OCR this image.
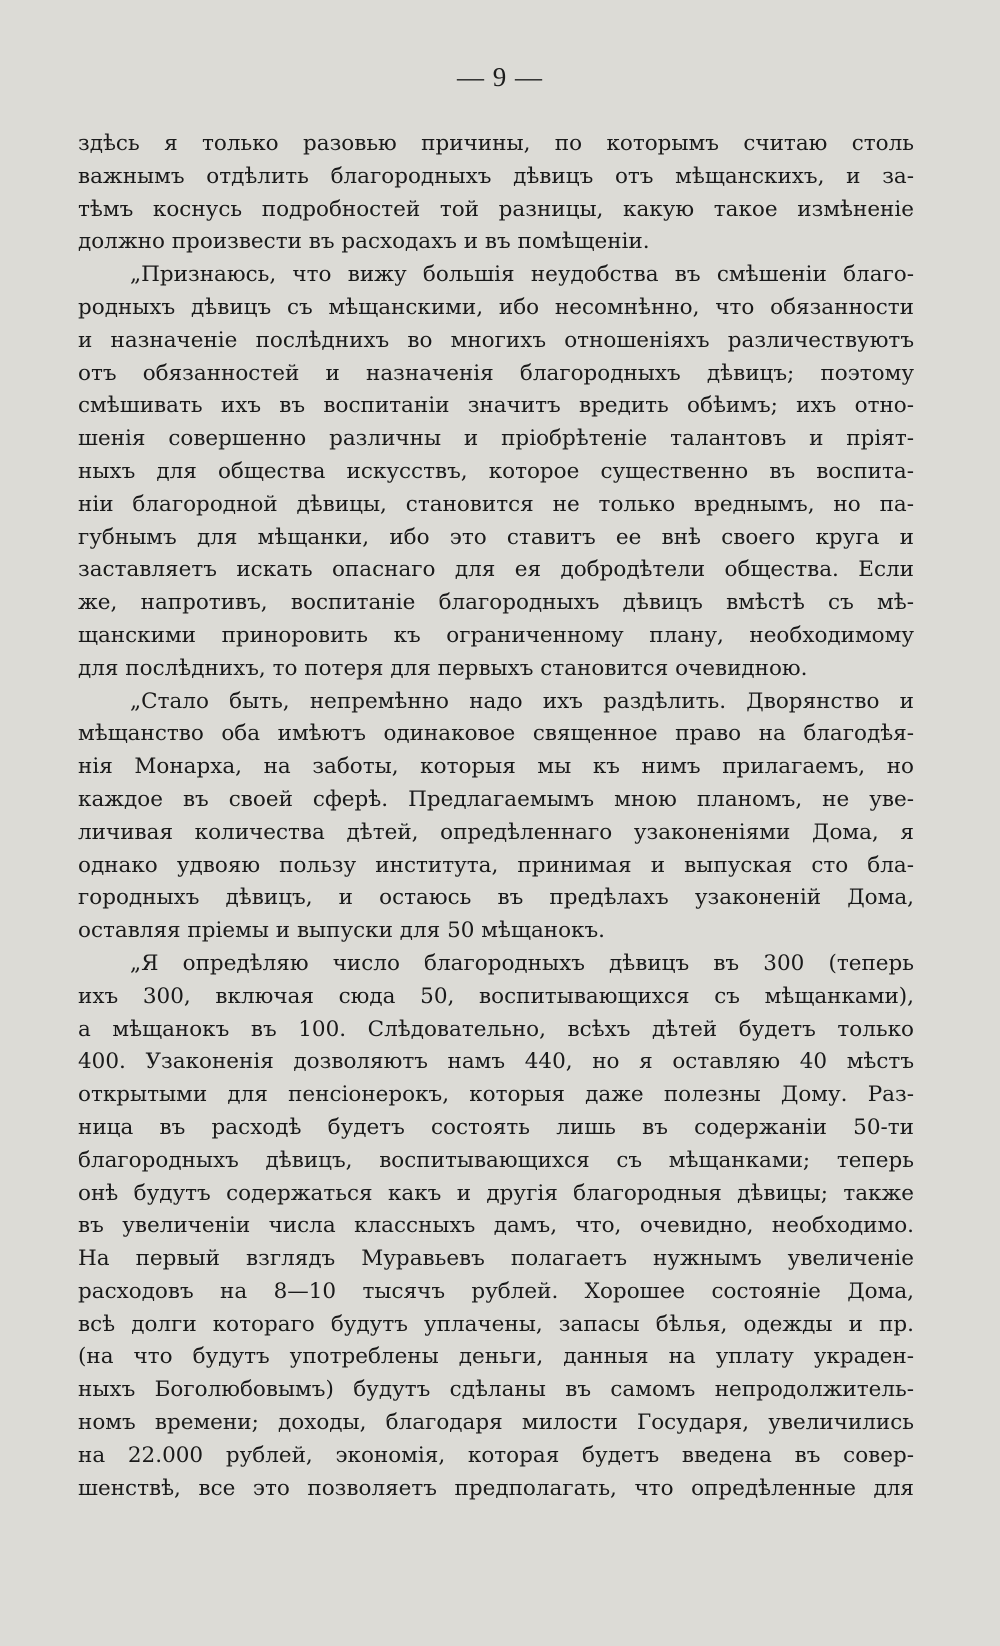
— 9 —
здѣсь я только разовью причины, по которымъ считаю столь
важнымъ отдѣлить благородныхъ дѣвицъ отъ мѣщанскихъ, и за-
тѣмъ коснусь подробностей той разницы, какую такое измѣненіе
должно произвести въ расходахъ и въ помѣщеніи.
„Признаюсь, что вижу большія неудобства въ смѣшеніи благо-
родныхъ дѣвицъ съ мѣщанскими, ибо несомнѣнно, что обязанности
и назначеніе послѣднихъ во многихъ отношеніяхъ различествуютъ
отъ обязанностей и назначенія благородныхъ дѣвицъ; поэтому
смѣшивать ихъ въ воспитаніи значитъ вредить обѣимъ; ихъ отно-
шенія совершенно различны и пріобрѣтеніе талантовъ и пріят-
ныхъ для общества искусствъ, которое существенно въ воспита-
ніи благородной дѣвицы, становится не только вреднымъ, но па-
губнымъ для мѣщанки, ибо это ставитъ ее внѣ своего круга и
заставляетъ искать опаснаго для ея добродѣтели общества. Если
же, напротивъ, воспитаніе благородныхъ дѣвицъ вмѣстѣ съ мѣ-
щанскими приноровить къ ограниченному плану, необходимому
для послѣднихъ, то потеря для первыхъ становится очевидною.
„Стало быть, непремѣнно надо ихъ раздѣлить. Дворянство и
мѣщанство оба имѣютъ одинаковое священное право на благодѣя-
нія Монарха, на заботы, которыя мы къ нимъ прилагаемъ, но
каждое въ своей сферѣ. Предлагаемымъ мною планомъ, не уве-
личивая количества дѣтей, опредѣленнаго узаконеніями Дома, я
однако удвояю пользу института, принимая и выпуская сто бла-
городныхъ дѣвицъ, и остаюсь въ предѣлахъ узаконеній Дома,
оставляя пріемы и выпуски для 50 мѣщанокъ.
„Я опредѣляю число благородныхъ дѣвицъ въ 300 (теперь
ихъ 300, включая сюда 50, воспитывающихся съ мѣщанками),
а мѣщанокъ въ 100. Слѣдовательно, всѣхъ дѣтей будетъ только
400. Узаконенія дозволяютъ намъ 440, но я оставляю 40 мѣстъ
открытыми для пенсіонерокъ, которыя даже полезны Дому. Раз-
ница въ расходѣ будетъ состоять лишь въ содержаніи 50-ти
благородныхъ дѣвицъ, воспитывающихся съ мѣщанками; теперь
онѣ будутъ содержаться какъ и другія благородныя дѣвицы; также
въ увеличеніи числа классныхъ дамъ, что, очевидно, необходимо.
На первый взглядъ Муравьевъ полагаетъ нужнымъ увеличеніе
расходовъ на 8—10 тысячъ рублей. Хорошее состояніе Дома,
всѣ долги котораго будутъ уплачены, запасы бѣлья, одежды и пр.
(на что будутъ употреблены деньги, данныя на уплату украден-
ныхъ Боголюбовымъ) будутъ сдѣланы въ самомъ непродолжитель-
номъ времени; доходы, благодаря милости Государя, увеличились
на 22.000 рублей, экономія, которая будетъ введена въ совер-
шенствѣ, все это позволяетъ предполагать, что опредѣленные для
